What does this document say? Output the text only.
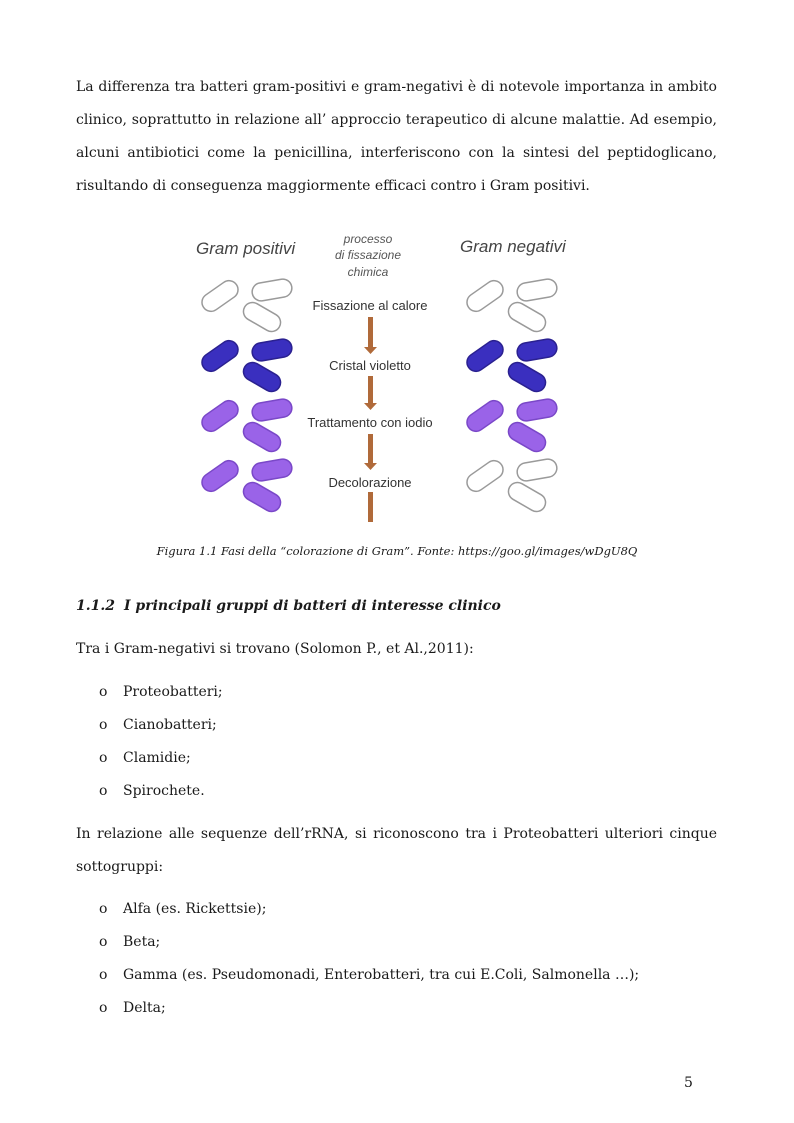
La differenza tra batteri gram-positivi e gram-negativi è di notevole importanza in ambito
clinico, soprattutto in relazione all’ approccio terapeutico di alcune malattie. Ad esempio,
alcuni antibiotici come la penicillina, interferiscono con la sintesi del peptidoglicano,
risultando di conseguenza maggiormente efficaci contro i Gram positivi.
Gram positivi	Gram negativi
processo
di fissazione
chimica
Fissazione al calore
Cristal violetto
Trattamento con iodio
Decolorazione
Figura 1.1 Fasi della “colorazione di Gram”. Fonte: https://goo.gl/images/wDgU8Q
1.1.2 I principali gruppi di batteri di interesse clinico
Tra i Gram-negativi si trovano (Solomon P., et Al.,2011):
o Proteobatteri;
o Cianobatteri;
o Clamidie;
o Spirochete.
In relazione alle sequenze dell’rRNA, si riconoscono tra i Proteobatteri ulteriori cinque
sottogruppi:
o Alfa (es. Rickettsie);
o Beta;
o Gamma (es. Pseudomonadi, Enterobatteri, tra cui E.Coli, Salmonella …);
o Delta;
5
